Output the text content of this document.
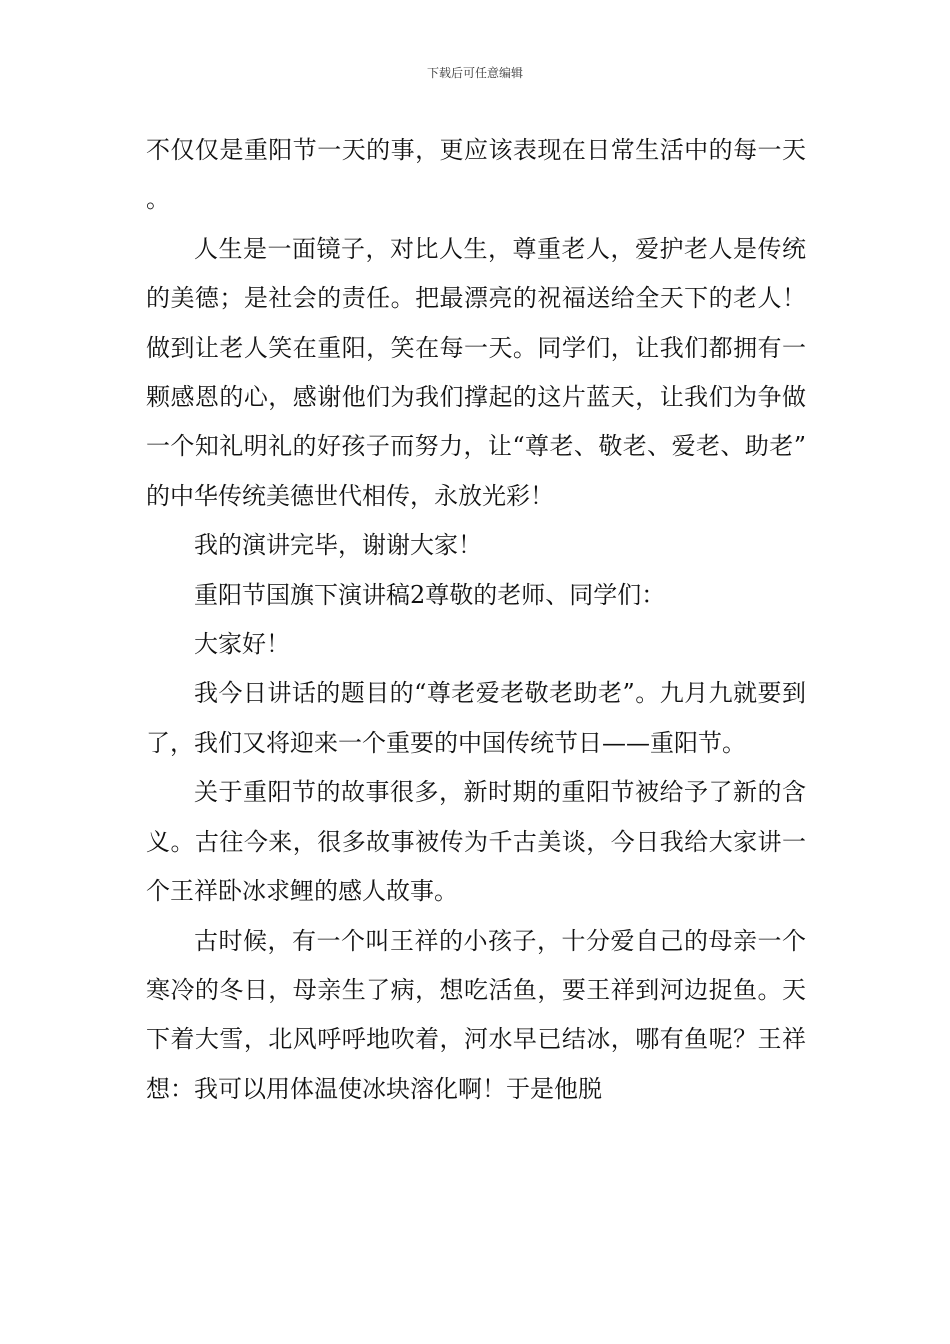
下载后可任意编辑

不仅仅是重阳节一天的事，更应该表现在日常生活中的每一天。

人生是一面镜子，对比人生，尊重老人，爱护老人是传统的美德；是社会的责任。把最漂亮的祝福送给全天下的老人！做到让老人笑在重阳，笑在每一天。同学们，让我们都拥有一颗感恩的心，感谢他们为我们撑起的这片蓝天，让我们为争做一个知礼明礼的好孩子而努力，让“尊老、敬老、爱老、助老”的中华传统美德世代相传，永放光彩！

我的演讲完毕，谢谢大家！

重阳节国旗下演讲稿2尊敬的老师、同学们：

大家好！

我今日讲话的题目的“尊老爱老敬老助老”。九月九就要到了，我们又将迎来一个重要的中国传统节日——重阳节。

关于重阳节的故事很多，新时期的重阳节被给予了新的含义。古往今来，很多故事被传为千古美谈，今日我给大家讲一个王祥卧冰求鲤的感人故事。

古时候，有一个叫王祥的小孩子，十分爱自己的母亲一个寒冷的冬日，母亲生了病，想吃活鱼，要王祥到河边捉鱼。天下着大雪，北风呼呼地吹着，河水早已结冰，哪有鱼呢？王祥想：我可以用体温使冰块溶化啊！于是他脱
